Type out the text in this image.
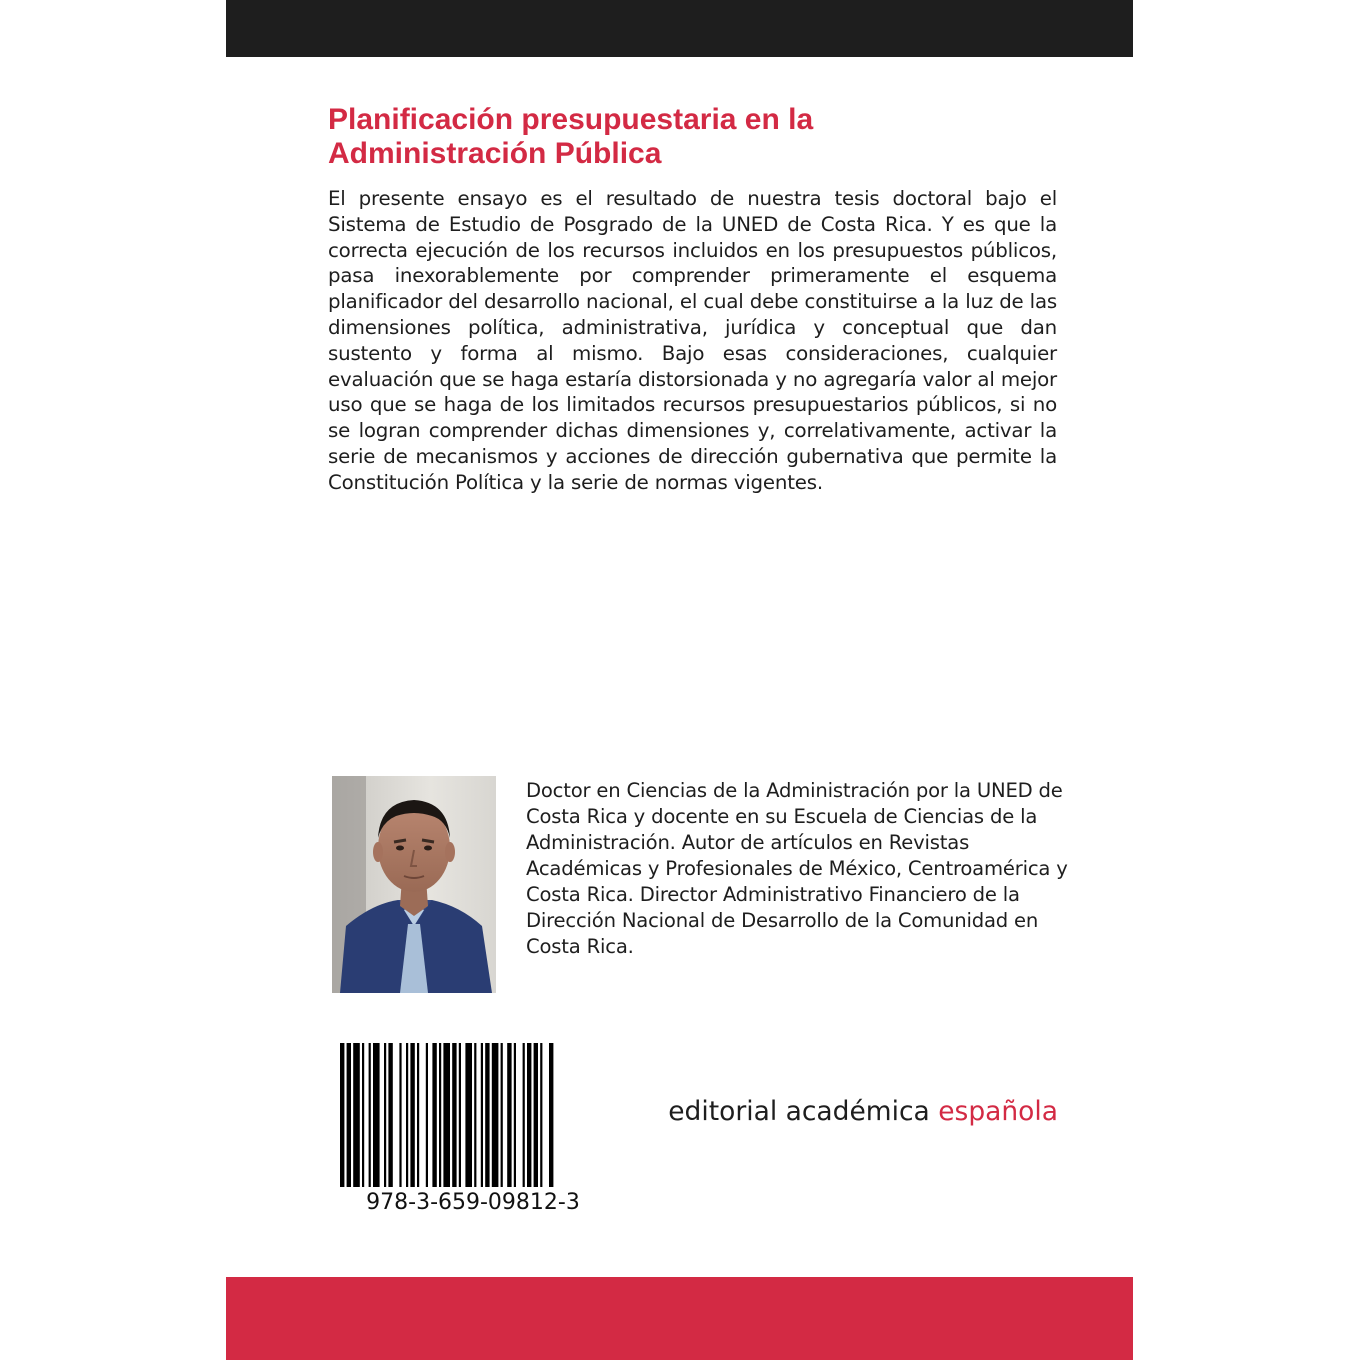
Planificación presupuestaria en la
Administración Pública

El presente ensayo es el resultado de nuestra tesis doctoral bajo el Sistema de Estudio de Posgrado de la UNED de Costa Rica. Y es que la correcta ejecución de los recursos incluidos en los presupuestos públicos, pasa inexorablemente por comprender primeramente el esquema planificador del desarrollo nacional, el cual debe constituirse a la luz de las dimensiones política, administrativa, jurídica y conceptual que dan sustento y forma al mismo. Bajo esas consideraciones, cualquier evaluación que se haga estaría distorsionada y no agregaría valor al mejor uso que se haga de los limitados recursos presupuestarios públicos, si no se logran comprender dichas dimensiones y, correlativamente, activar la serie de mecanismos y acciones de dirección gubernativa que permite la Constitución Política y la serie de normas vigentes.

Doctor en Ciencias de la Administración por la UNED de Costa Rica y docente en su Escuela de Ciencias de la Administración. Autor de artículos en Revistas Académicas y Profesionales de México, Centroamérica y Costa Rica. Director Administrativo Financiero de la Dirección Nacional de Desarrollo de la Comunidad en Costa Rica.

978-3-659-09812-3
editorial académica española
